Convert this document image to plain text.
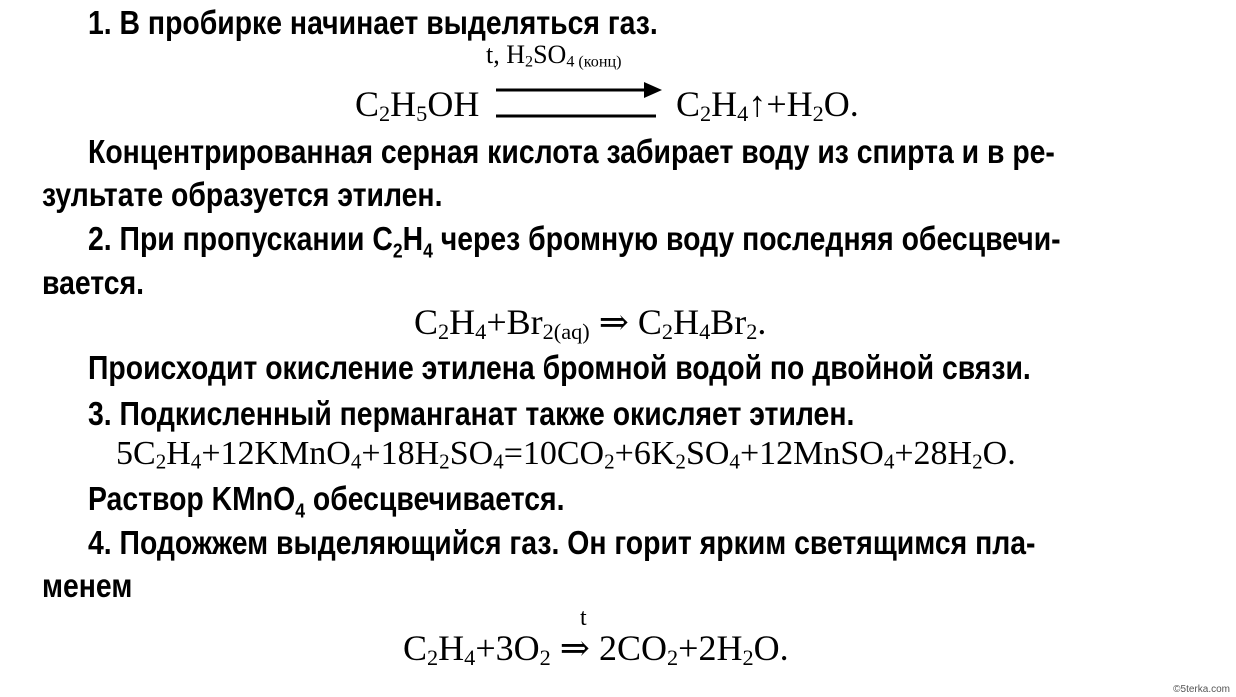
1. В пробирке начинает выделяться газ.
t, $H_2SO_{4 (конц)}$
$C_2H_5OH$	$C_2H_4↑+H_2O$.
Концентрированная серная кислота забирает воду из спирта и в ре-
зультате образуется этилен.
2. При пропускании $C_2H_4$ через бромную воду последняя обесцвечи-
вается.
$C_2H_4+Br_{2(aq)}$ ⇒ $C_2H_4Br_2$.
Происходит окисление этилена бромной водой по двойной связи.
3. Подкисленный перманганат также окисляет этилен.
$5C_2H_4+12KMnO_4+18H_2SO_4=10CO_2+6K_2SO_4+12MnSO_4+28H_2O$.
Раствор KMnO$_4$ обесцвечивается.
4. Подожжем выделяющийся газ. Он горит ярким светящимся пла-
менем
t
$C_2H_4+3O_2$ ⇒ $2CO_2+2H_2O$.
©5terka.com
